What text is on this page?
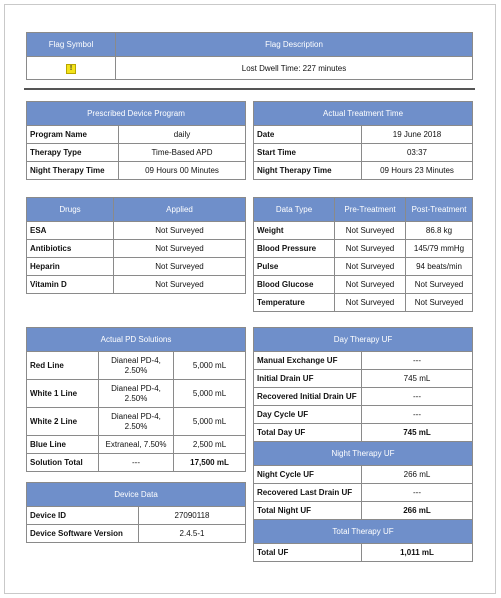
Flag Symbol	Flag Description
!	Lost Dwell Time: 227 minutes
Prescribed Device Program	
Program Name	daily
Therapy Type	Time-Based APD
Night Therapy Time	09 Hours 00 Minutes
Actual Treatment Time	
Date	19 June 2018
Start Time	03:37
Night Therapy Time	09 Hours 23 Minutes
Drugs	Applied
ESA	Not Surveyed
Antibiotics	Not Surveyed
Heparin	Not Surveyed
Vitamin D	Not Surveyed
Data Type	Pre-Treatment	Post-Treatment
Weight	Not Surveyed	86.8 kg
Blood Pressure	Not Surveyed	145/79 mmHg
Pulse	Not Surveyed	94 beats/min
Blood Glucose	Not Surveyed	Not Surveyed
Temperature	Not Surveyed	Not Surveyed
Actual PD Solutions		
Red Line	Dianeal PD-4, 2.50%	5,000 mL
White 1 Line	Dianeal PD-4, 2.50%	5,000 mL
White 2 Line	Dianeal PD-4, 2.50%	5,000 mL
Blue Line	Extraneal, 7.50%	2,500 mL
Solution Total	---	17,500 mL
Device Data	
Device ID	27090118
Device Software Version	2.4.5-1
Day Therapy UF	
Manual Exchange UF	---
Initial Drain UF	745 mL
Recovered Initial Drain UF	---
Day Cycle UF	---
Total Day UF	745 mL
Night Therapy UF	
Night Cycle UF	266 mL
Recovered Last Drain UF	---
Total Night UF	266 mL
Total Therapy UF	
Total UF	1,011 mL
